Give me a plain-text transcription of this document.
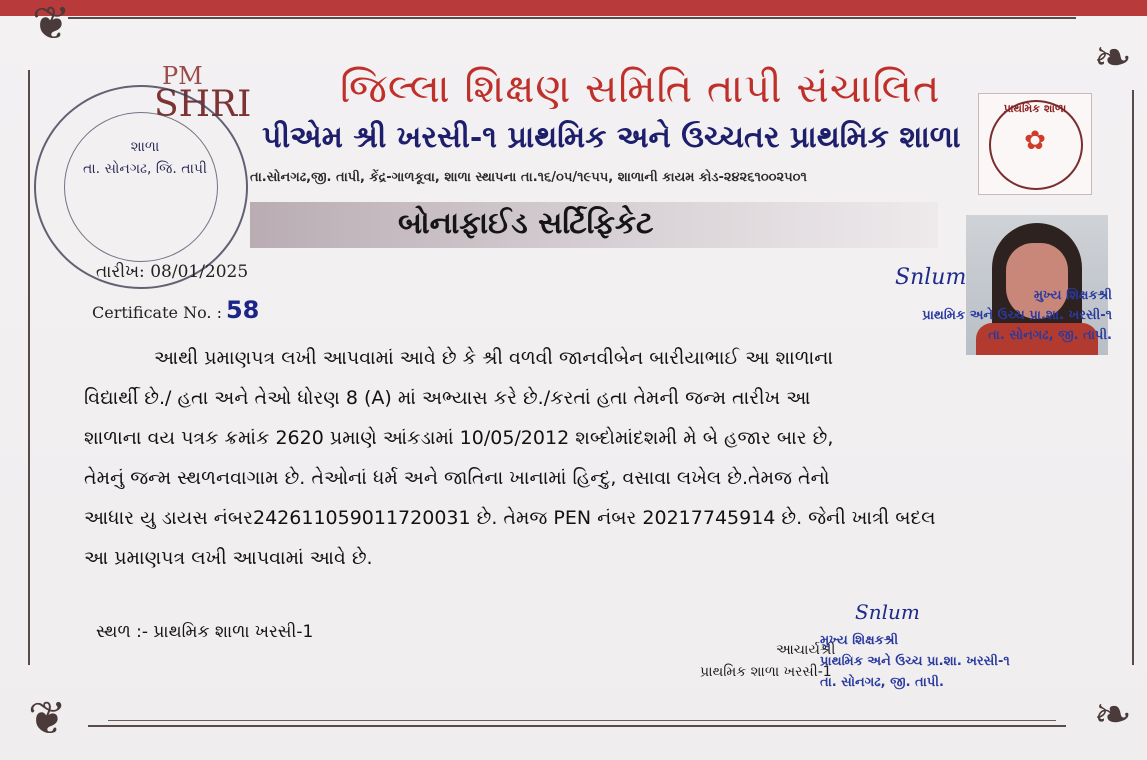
❦
❧
❦	❧
PM
SHRI
શાળા
તા. સોનગઢ, જિ. તાપી
જિલ્લા શિક્ષણ સમિતિ તાપી સંચાલિત
પીએમ શ્રી ખરસી-૧ પ્રાથમિક અને ઉચ્ચતર પ્રાથમિક શાળા
તા.સોનગઢ,જી. તાપી, કેંદ્ર-ગાળકૂવા, શાળા સ્થાપના તા.૧૬/૦૫/૧૯૫૫, શાળાની કાયમ કોડ-૨૪૨૬૧૦૦૨૫૦૧
પ્રાથમિક શાળા
✿
બોનાફાઈડ સર્ટિફિકેટ
તારીખ: 08/01/2025
Certificate No. : 58
Snlum
મુખ્ય શિક્ષકશ્રી
પ્રાથમિક અને ઉચ્ચ પ્રા.શા. ખરસી-૧
તા. સોનગઢ, જી. તાપી.
આથી પ્રમાણપત્ર લખી આપવામાં આવે છે કે શ્રી વળવી જાનવીબેન બારીયાભાઈ આ શાળાના
વિદ્યાર્થી છે./ હતા અને તેઓ ધોરણ 8 (A) માં અભ્યાસ કરે છે./કરતાં હતા તેમની જન્મ તારીખ આ
શાળાના વય પત્રક ક્રમાંક 2620 પ્રમાણે આંકડામાં 10/05/2012 શબ્દોમાંદશમી મે બે હજાર બાર છે,
તેમનું જન્મ સ્થળનવાગામ છે. તેઓનાં ધર્મ અને જાતિના ખાનામાં હિન્દુ, વસાવા લખેલ છે.તેમજ તેનો
આધાર યુ ડાયસ નંબર242611059011720031 છે. તેમજ PEN નંબર 20217745914 છે. જેની ખાત્રી બદલ
આ પ્રમાણપત્ર લખી આપવામાં આવે છે.
સ્થળ :- પ્રાથમિક શાળા ખરસી-1
Snlum
આચાર્યશ્રી
પ્રાથમિક શાળા ખરસી-1
મુખ્ય શિક્ષકશ્રી
પ્રાથમિક અને ઉચ્ચ પ્રા.શા. ખરસી-૧
તા. સોનગઢ, જી. તાપી.
